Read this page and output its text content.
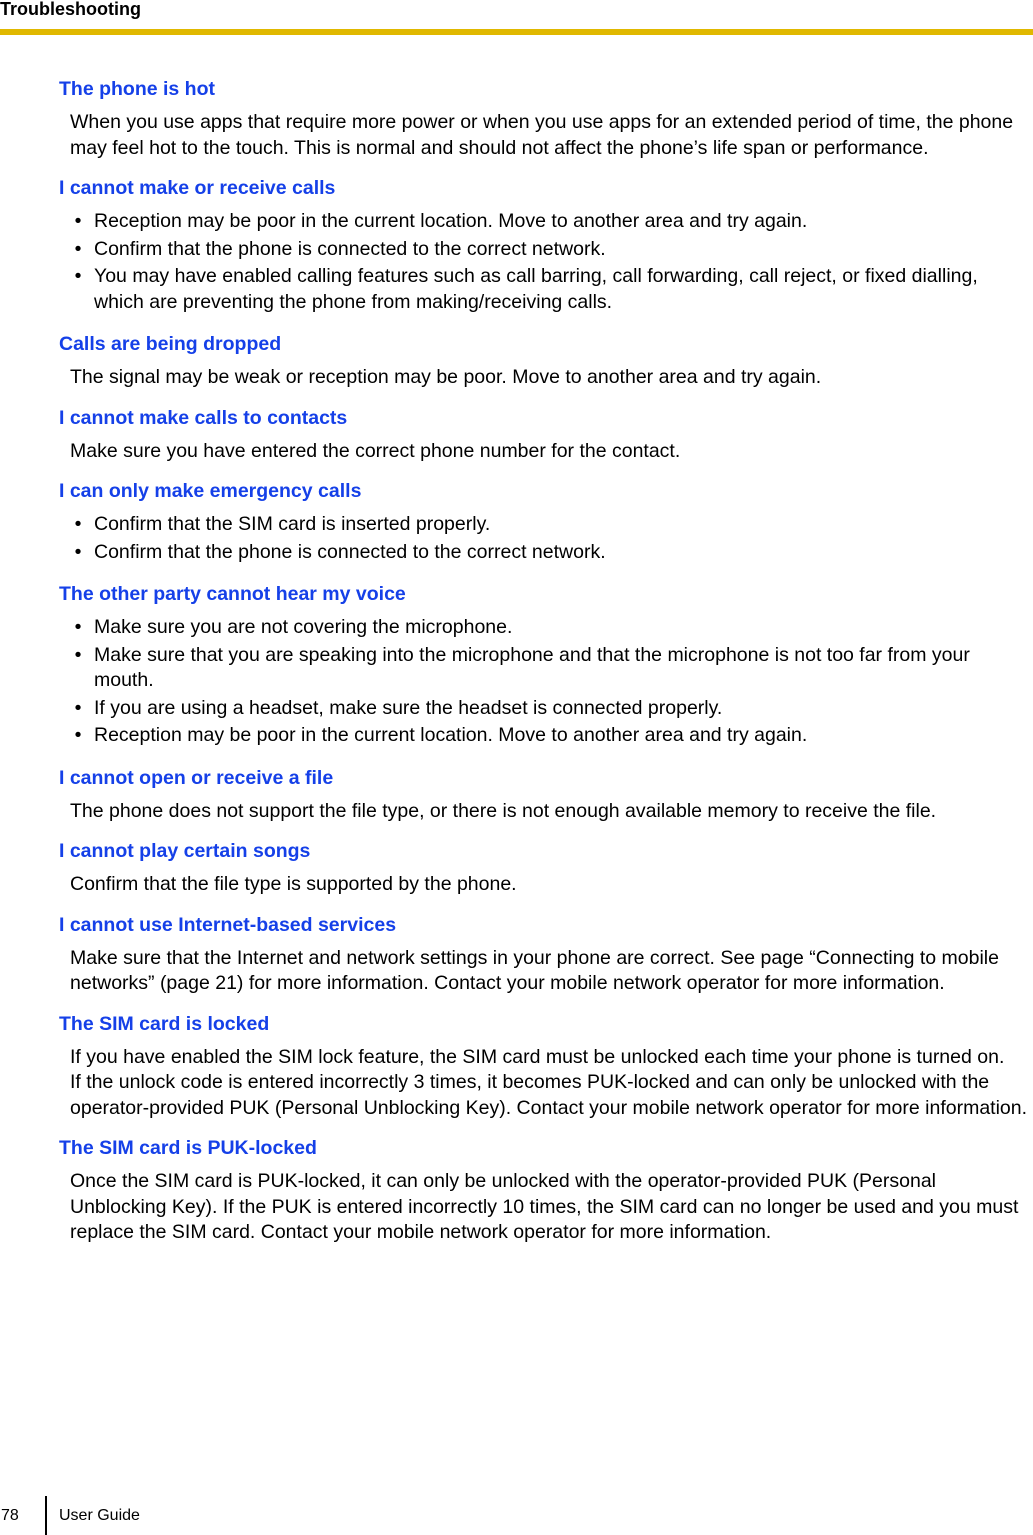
Troubleshooting
The phone is hot

When you use apps that require more power or when you use apps for an extended period of time, the phone may feel hot to the touch. This is normal and should not affect the phone’s life span or performance.

I cannot make or receive calls
• Reception may be poor in the current location. Move to another area and try again.
• Confirm that the phone is connected to the correct network.
• You may have enabled calling features such as call barring, call forwarding, call reject, or fixed dialling, which are preventing the phone from making/receiving calls.
Calls are being dropped

The signal may be weak or reception may be poor. Move to another area and try again.

I cannot make calls to contacts

Make sure you have entered the correct phone number for the contact.

I can only make emergency calls
• Confirm that the SIM card is inserted properly.
• Confirm that the phone is connected to the correct network.
The other party cannot hear my voice
• Make sure you are not covering the microphone.
• Make sure that you are speaking into the microphone and that the microphone is not too far from your mouth.
• If you are using a headset, make sure the headset is connected properly.
• Reception may be poor in the current location. Move to another area and try again.
I cannot open or receive a file

The phone does not support the file type, or there is not enough available memory to receive the file.

I cannot play certain songs

Confirm that the file type is supported by the phone.

I cannot use Internet-based services

Make sure that the Internet and network settings in your phone are correct. See page “Connecting to mobile networks” (page 21) for more information. Contact your mobile network operator for more information.

The SIM card is locked

If you have enabled the SIM lock feature, the SIM card must be unlocked each time your phone is turned on.

If the unlock code is entered incorrectly 3 times, it becomes PUK-locked and can only be unlocked with the operator-provided PUK (Personal Unblocking Key). Contact your mobile network operator for more information.

The SIM card is PUK-locked

Once the SIM card is PUK-locked, it can only be unlocked with the operator-provided PUK (Personal Unblocking Key). If the PUK is entered incorrectly 10 times, the SIM card can no longer be used and you must replace the SIM card. Contact your mobile network operator for more information.

78	User Guide
